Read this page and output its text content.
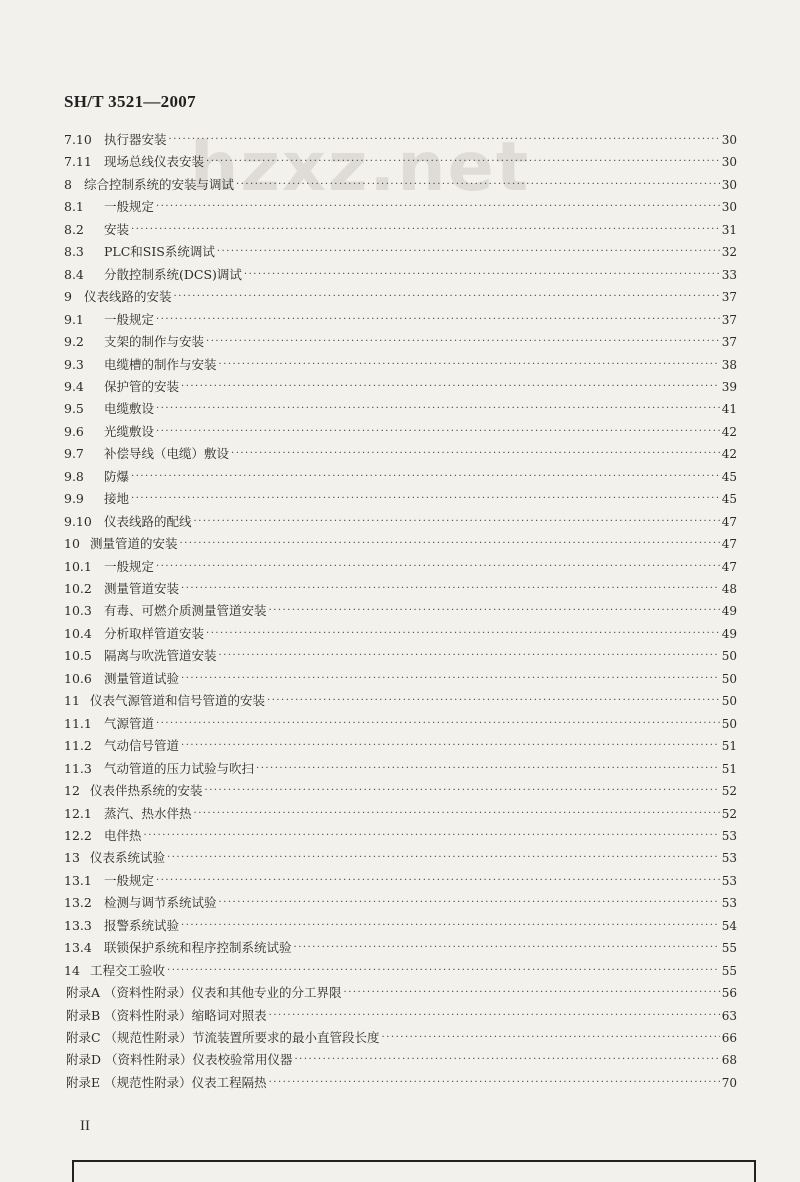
SH/T 3521—2007
hzxz.net
7.10 执行器安装 ·····	30
7.11 现场总线仪表安装 ·····	30
8 综合控制系统的安装与调试 ·····	30
8.1	一般规定 ·····	30
8.2	安装 ·····	31
8.3	PLC和SIS系统调试 ·····	32
8.4	分散控制系统(DCS)调试 ·····	33
9 仪表线路的安装 ·····	37
9.1	一般规定 ·····	37
9.2	支架的制作与安装 ·····	37
9.3	电缆槽的制作与安装 ·····	38
9.4	保护管的安装 ·····	39
9.5	电缆敷设 ·····	41
9.6	光缆敷设 ·····	42
9.7	补偿导线（电缆）敷设 ·····	42
9.8	防爆 ·····	45
9.9	接地 ·····	45
9.10 仪表线路的配线 ·····	47
10 测量管道的安装 ·····	47
10.1 一般规定 ·····	47
10.2 测量管道安装 ·····	48
10.3 有毒、可燃介质测量管道安装 ·····	49
10.4 分析取样管道安装 ·····	49
10.5 隔离与吹洗管道安装 ·····	50
10.6 测量管道试验 ·····	50
11 仪表气源管道和信号管道的安装 ·····	50
11.1 气源管道 ·····	50
11.2 气动信号管道 ·····	51
11.3 气动管道的压力试验与吹扫 ·····	51
12 仪表伴热系统的安装 ·····	52
12.1 蒸汽、热水伴热 ·····	52
12.2 电伴热 ·····	53
13 仪表系统试验 ·····	53
13.1 一般规定 ·····	53
13.2 检测与调节系统试验 ·····	53
13.3 报警系统试验 ·····	54
13.4 联锁保护系统和程序控制系统试验 ·····	55
14 工程交工验收 ·····	55
附录A （资料性附录）仪表和其他专业的分工界限 ·····	56
附录B （资料性附录）缩略词对照表 ·····	63
附录C （规范性附录）节流装置所要求的最小直管段长度 ·····	66
附录D （资料性附录）仪表校验常用仪器 ·····	68
附录E （规范性附录）仪表工程隔热 ·····	70
II
